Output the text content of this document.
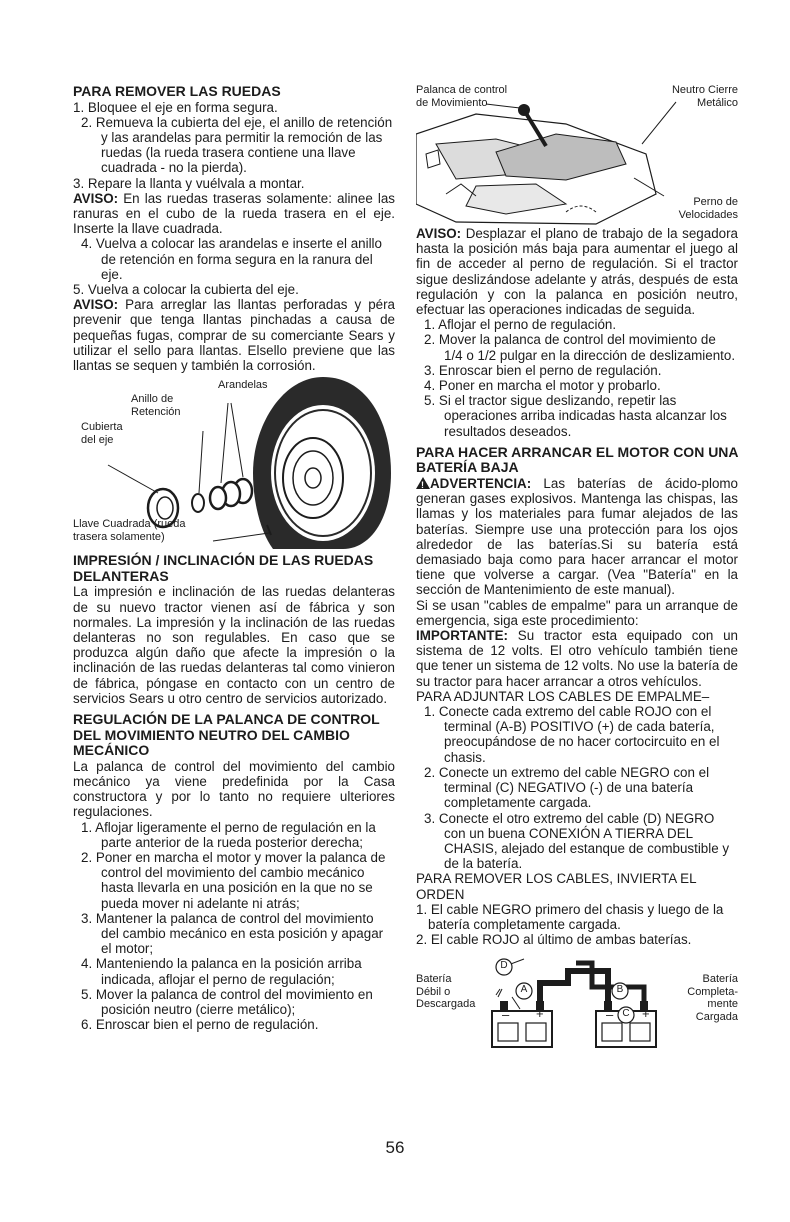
PARA REMOVER LAS RUEDAS

1. Bloquee el eje en forma segura.

2. Remueva la cubierta del eje, el anillo de retención y las arandelas para permitir la remoción de las ruedas (la rueda trasera contiene una llave cuadrada - no la pierda).

3. Repare la llanta y vuélvala a montar.

AVISO: En las ruedas traseras solamente: alinee las ranuras en el cubo de la rueda trasera en el eje. Inserte la llave cuadrada.

4. Vuelva a colocar las arandelas e inserte el anillo de retención en forma segura en la ranura del eje.

5. Vuelva a colocar la cubierta del eje.

AVISO: Para arreglar las llantas perforadas y péra prevenir que tenga llantas pinchadas a causa de pequeñas fugas, comprar de su comerciante Sears y utilizar el sello para llantas. Elsello previene que las llantas se sequen y también la corrosión.

Arandelas
Anillo de
Retención
Cubierta
del eje
Llave Cuadrada (rueda
trasera solamente)
IMPRESIÓN / INCLINACIÓN DE LAS RUEDAS DELANTERAS

La impresión e inclinación de las ruedas delanteras de su nuevo tractor vienen así de fábrica y son normales. La impresión y la inclinación de las ruedas delanteras no son regulables. En caso que se produzca algún daño que afecte la impresión o la inclinación de las ruedas delanteras tal como vinieron de fábrica, póngase en contacto con un centro de servicios Sears u otro centro de servicios autorizado.

REGULACIÓN DE LA PALANCA DE CONTROL DEL MOVIMIENTO NEUTRO DEL CAMBIO MECÁNICO

La palanca de control del movimiento del cambio mecánico ya viene predefinida por la Casa constructora y por lo tanto no requiere ulteriores regulaciones.

1. Aflojar ligeramente el perno de regulación en la parte anterior de la rueda posterior derecha;

2. Poner en marcha el motor y mover la palanca de control del movimiento del cambio mecánico hasta llevarla en una posición en la que no se pueda mover ni adelante ni atrás;

3. Mantener la palanca de control del movimiento del cambio mecánico en esta posición y apagar el motor;

4. Manteniendo la palanca en la posición arriba indicada, aflojar el perno de regulación;

5. Mover la palanca de control del movimiento en posición neutro (cierre metálico);

6. Enroscar bien el perno de regulación.

Palanca de control
de Movimiento
Neutro Cierre
Metálico
Perno de
Velocidades

AVISO: Desplazar el plano de trabajo de la segadora hasta la posición más baja para aumentar el juego al fin de acceder al perno de regulación. Si el tractor sigue deslizándose adelante y atrás, después de esta regulación y con la palanca en posición neutro, efectuar las operaciones indicadas de seguida.

1. Aflojar el perno de regulación.

2. Mover la palanca de control del movimiento de 1/4 o 1/2 pulgar en la dirección de deslizamiento.

3. Enroscar bien el perno de regulación.

4. Poner en marcha el motor y probarlo.

5. Si el tractor sigue deslizando, repetir las operaciones arriba indicadas hasta alcanzar los resultados deseados.

PARA HACER ARRANCAR EL MOTOR CON UNA BATERÍA BAJA

!ADVERTENCIA: Las baterías de ácido-plomo generan gases explosivos. Mantenga las chispas, las llamas y los materiales para fumar alejados de las baterías. Siempre use una protección para los ojos alrededor de las baterías.Si su batería está demasiado baja como para hacer arrancar el motor tiene que volverse a cargar. (Vea "Batería" en la sección de Mantenimiento de este manual).

Si se usan "cables de empalme" para un arranque de emergencia, siga este procedimiento:

IMPORTANTE: Su tractor esta equipado con un sistema de 12 volts. El otro vehículo también tiene que tener un sistema de 12 volts. No use la batería de su tractor para hacer arrancar a otros vehículos.

PARA ADJUNTAR LOS CABLES DE EMPALME–

1. Conecte cada extremo del cable ROJO con el terminal (A-B) POSITIVO (+) de cada batería, preocupándose de no hacer cortocircuito en el chasis.

2. Conecte un extremo del cable NEGRO con el terminal (C) NEGATIVO (-) de una batería completamente cargada.

3. Conecte el otro extremo del cable (D) NEGRO con un buena CONEXIÓN A TIERRA DEL CHASIS, alejado del estanque de combustible y de la batería.

PARA REMOVER LOS CABLES, INVIERTA EL ORDEN

1. El cable NEGRO primero del chasis y luego de la batería completamente cargada.

2. El cable ROJO al último de ambas baterías.

D
A	B
C
– +	– +
Batería
Débil o
Descargada
Batería
Completa-
mente
Cargada
56
